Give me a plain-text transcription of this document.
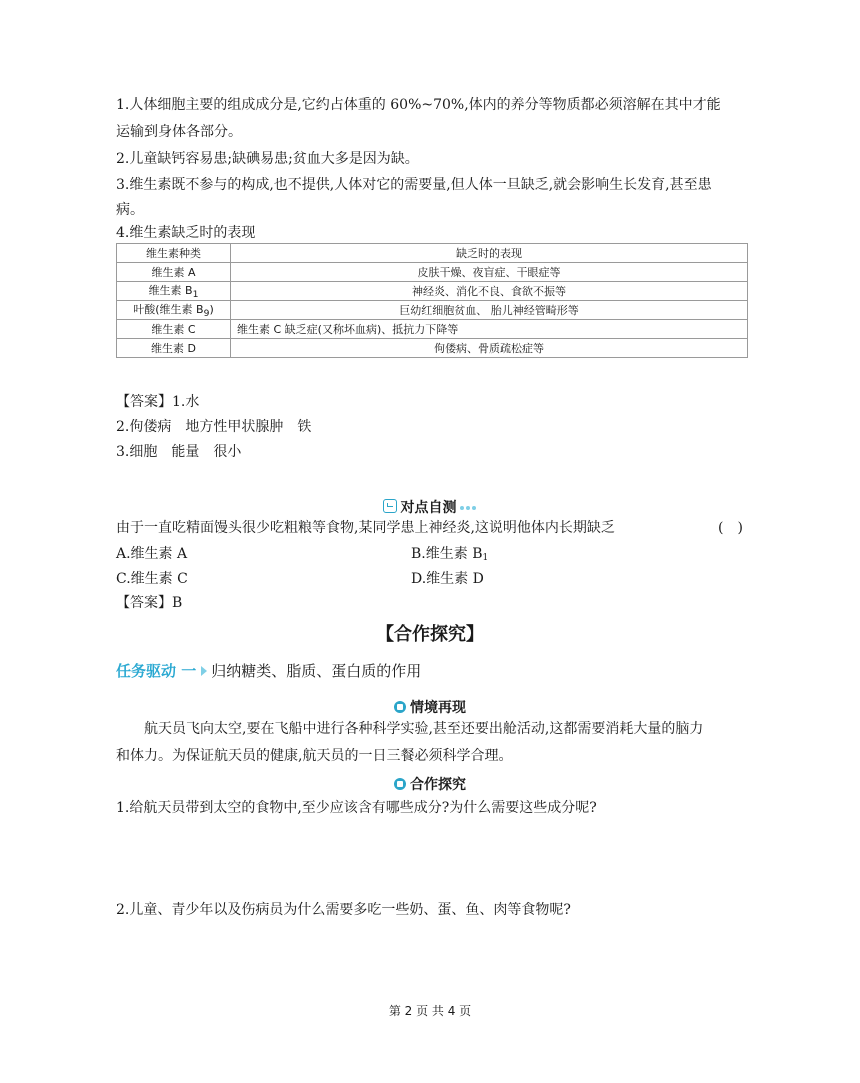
1.人体细胞主要的组成成分是,它约占体重的 60%~70%,体内的养分等物质都必须溶解在其中才能
运输到身体各部分。
2.儿童缺钙容易患;缺碘易患;贫血大多是因为缺。
3.维生素既不参与的构成,也不提供,人体对它的需要量,但人体一旦缺乏,就会影响生长发育,甚至患
病。
4.维生素缺乏时的表现
维生素种类	缺乏时的表现
维生素 A	皮肤干燥、夜盲症、干眼症等
维生素 $B_1$	神经炎、消化不良、食欲不振等
叶酸(维生素 $B_9$)	巨幼红细胞贫血、 胎儿神经管畸形等
维生素 C	维生素 C 缺乏症(又称坏血病)、抵抗力下降等
维生素 D	佝偻病、骨质疏松症等
【答案】1.水
2.佝偻病　地方性甲状腺肿　铁
3.细胞　能量　很小
对点自测
由于一直吃精面馒头很少吃粗粮等食物,某同学患上神经炎,这说明他体内长期缺乏	(　)
A.维生素 A	B.维生素 $B_1$
C.维生素 C	D.维生素 D
【答案】B
【合作探究】
任务驱动 一 归纳糖类、脂质、蛋白质的作用
情境再现
航天员飞向太空,要在飞船中进行各种科学实验,甚至还要出舱活动,这都需要消耗大量的脑力
和体力。为保证航天员的健康,航天员的一日三餐必须科学合理。
合作探究
1.给航天员带到太空的食物中,至少应该含有哪些成分?为什么需要这些成分呢?
2.儿童、青少年以及伤病员为什么需要多吃一些奶、蛋、鱼、肉等食物呢?
第 2 页 共 4 页
